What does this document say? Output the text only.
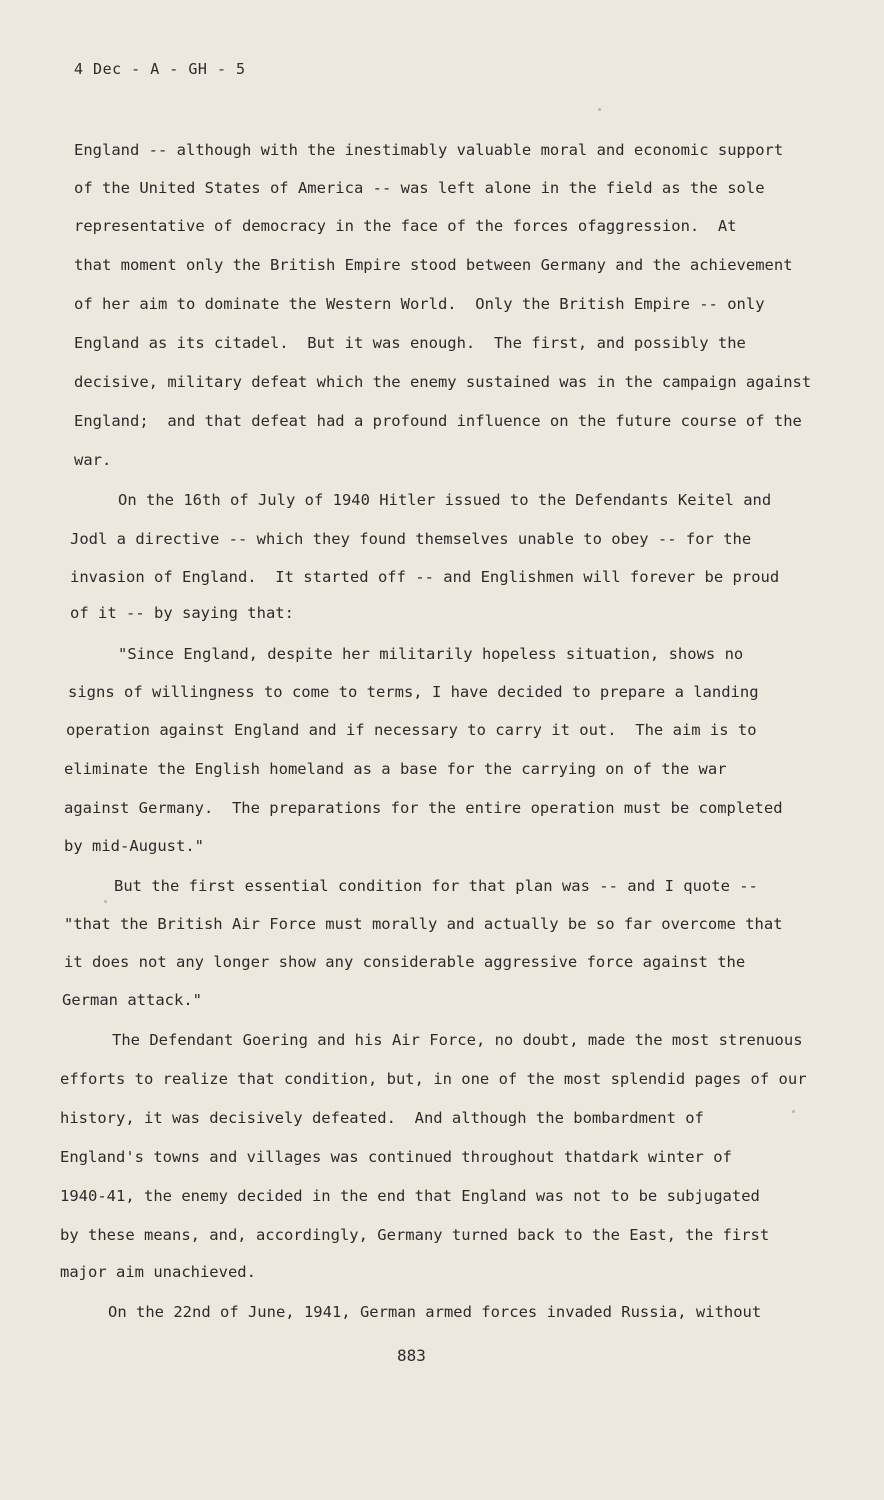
4 Dec - A - GH - 5
England -- although with the inestimably valuable moral and economic support
of the United States of America -- was left alone in the field as the sole
representative of democracy in the face of the forces ofaggression.  At
that moment only the British Empire stood between Germany and the achievement
of her aim to dominate the Western World.  Only the British Empire -- only
England as its citadel.  But it was enough.  The first, and possibly the
decisive, military defeat which the enemy sustained was in the campaign against
England;  and that defeat had a profound influence on the future course of the
war.
On the 16th of July of 1940 Hitler issued to the Defendants Keitel and
Jodl a directive -- which they found themselves unable to obey -- for the
invasion of England.  It started off -- and Englishmen will forever be proud
of it -- by saying that:
"Since England, despite her militarily hopeless situation, shows no
signs of willingness to come to terms, I have decided to prepare a landing
operation against England and if necessary to carry it out.  The aim is to
eliminate the English homeland as a base for the carrying on of the war
against Germany.  The preparations for the entire operation must be completed
by mid-August."
But the first essential condition for that plan was -- and I quote --
"that the British Air Force must morally and actually be so far overcome that
it does not any longer show any considerable aggressive force against the
German attack."
The Defendant Goering and his Air Force, no doubt, made the most strenuous
efforts to realize that condition, but, in one of the most splendid pages of our
history, it was decisively defeated.  And although the bombardment of
England's towns and villages was continued throughout thatdark winter of
1940-41, the enemy decided in the end that England was not to be subjugated
by these means, and, accordingly, Germany turned back to the East, the first
major aim unachieved.
On the 22nd of June, 1941, German armed forces invaded Russia, without
883
